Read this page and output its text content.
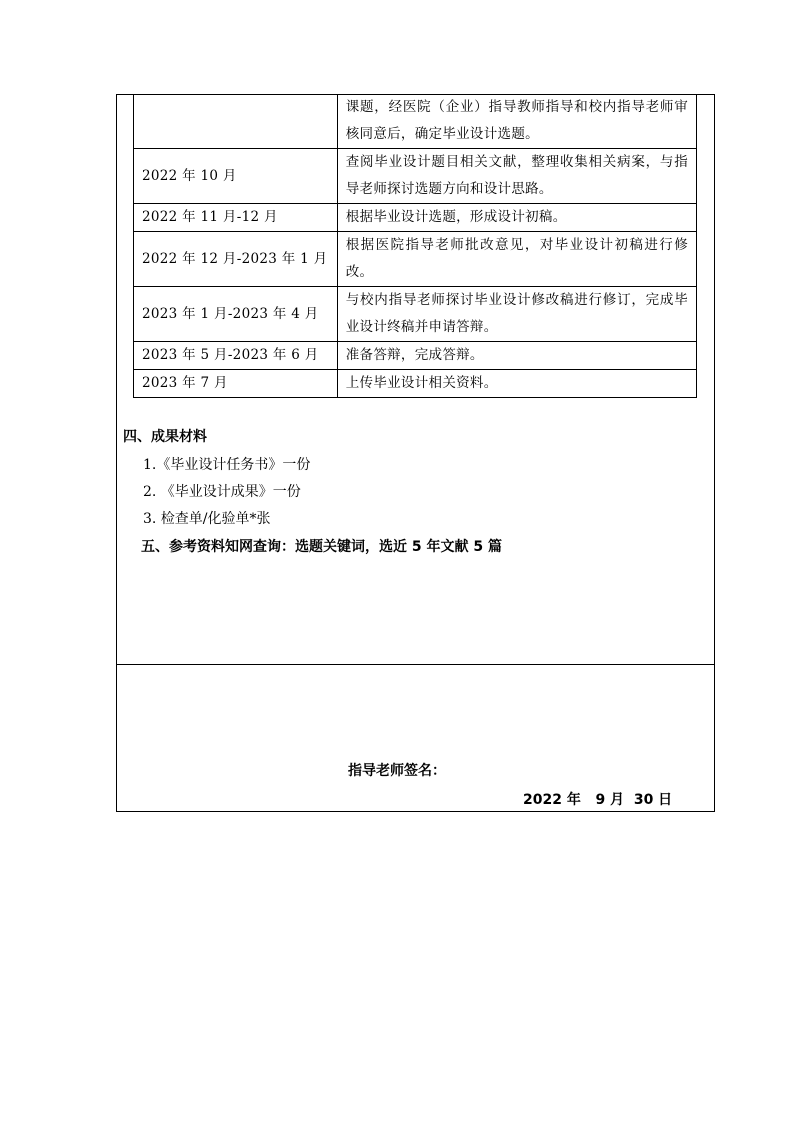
	课题，经医院（企业）指导教师指导和校内指导老师审核同意后，确定毕业设计选题。
2022 年 10 月	查阅毕业设计题目相关文献，整理收集相关病案，与指导老师探讨选题方向和设计思路。
2022 年 11 月-12 月	根据毕业设计选题，形成设计初稿。
2022 年 12 月-2023 年 1 月	根据医院指导老师批改意见，对毕业设计初稿进行修改。
2023 年 1 月-2023 年 4 月	与校内指导老师探讨毕业设计修改稿进行修订，完成毕业设计终稿并申请答辩。
2023 年 5 月-2023 年 6 月	准备答辩，完成答辩。
2023 年 7 月	上传毕业设计相关资料。
四、成果材料
1.《毕业设计任务书》一份
2. 《毕业设计成果》一份
3. 检查单/化验单*张
五、参考资料知网查询：选题关键词，选近 5 年文献 5 篇
指导老师签名：
2022 年   9 月  30 日
